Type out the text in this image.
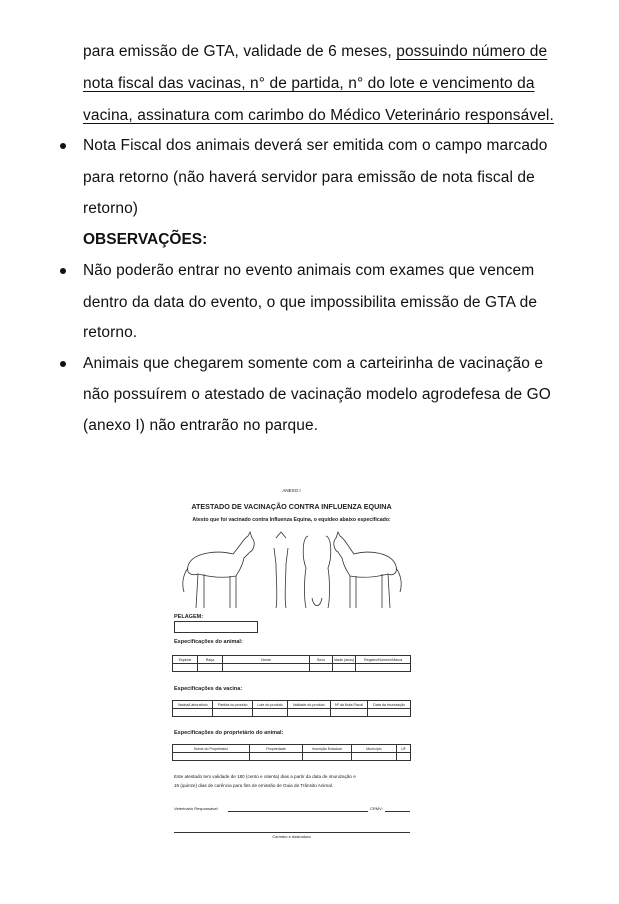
para emissão de GTA, validade de 6 meses, possuindo número de
nota fiscal das vacinas, n° de partida, n° do lote e vencimento da
vacina, assinatura com carimbo do Médico Veterinário responsável.
Nota Fiscal dos animais deverá ser emitida com o campo marcado
para retorno (não haverá servidor para emissão de nota fiscal de
retorno)
OBSERVAÇÕES:
Não poderão entrar no evento animais com exames que vencem
dentro da data do evento, o que impossibilita emissão de GTA de
retorno.
Animais que chegarem somente com a carteirinha de vacinação e
não possuírem o atestado de vacinação modelo agrodefesa de GO
(anexo I) não entrarão no parque.
ANEXO I
ATESTADO DE VACINAÇÃO CONTRA INFLUENZA EQUINA
Atesto que foi vacinado contra Influenza Equina, o equídeo abaixo especificado:
PELAGEM:
Especificações do animal:
Espécie	Raça	Nome	Sexo	Idade (anos)	Registro/Número/Marca

Especificações da vacina:
Vacina/Laboratório	Partida do produto	Lote do produto	Validade do produto	Nº da Nota Fiscal	Data da imunização

Especificações do proprietário do animal:
Nome do Proprietário	Propriedade	Inscrição Estadual	Município	UF

Este atestado tem validade de 180 (cento e oitenta) dias a partir da data de imunização e
15 (quinze) dias de carência para fins de emissão de Guia de Trânsito Animal.
Veterinário Responsável:	CRMV:
Carimbo e Assinatura
